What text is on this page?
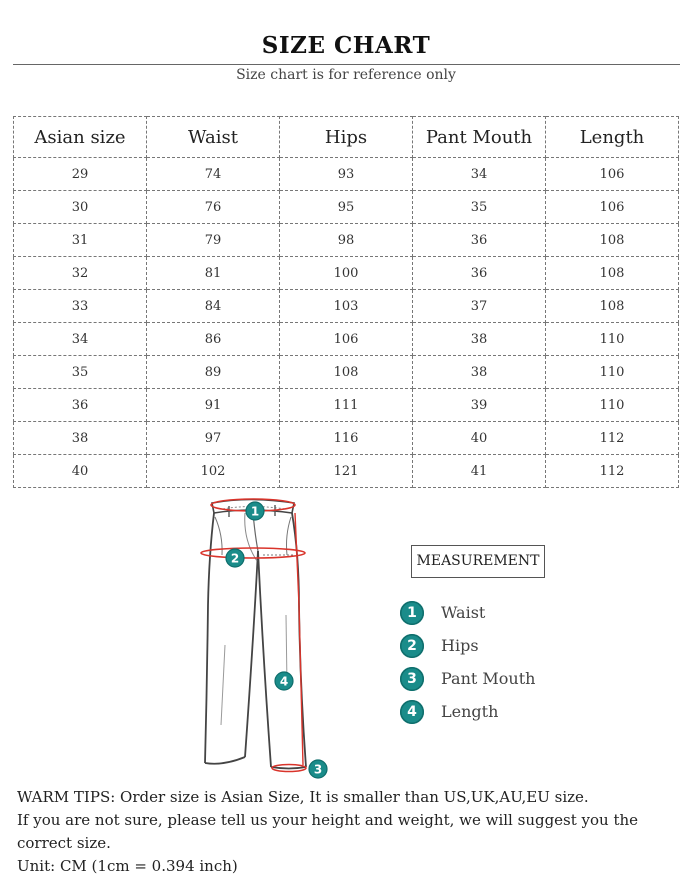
SIZE CHART
Size chart is for reference only
Asian size	Waist	Hips	Pant Mouth	Length
29	74	93	34	106
30	76	95	35	106
31	79	98	36	108
32	81	100	36	108
33	84	103	37	108
34	86	106	38	110
35	89	108	38	110
36	91	111	39	110
38	97	116	40	112
40	102	121	41	112
1
2
4
3
MEASUREMENT
1	Waist
2	Hips
3	Pant Mouth
4	Length

WARM TIPS: Order size is Asian Size, It is smaller than US,UK,AU,EU size.

If you are not sure, please tell us your height and weight, we will suggest you the correct size.

Unit: CM (1cm = 0.394 inch)
